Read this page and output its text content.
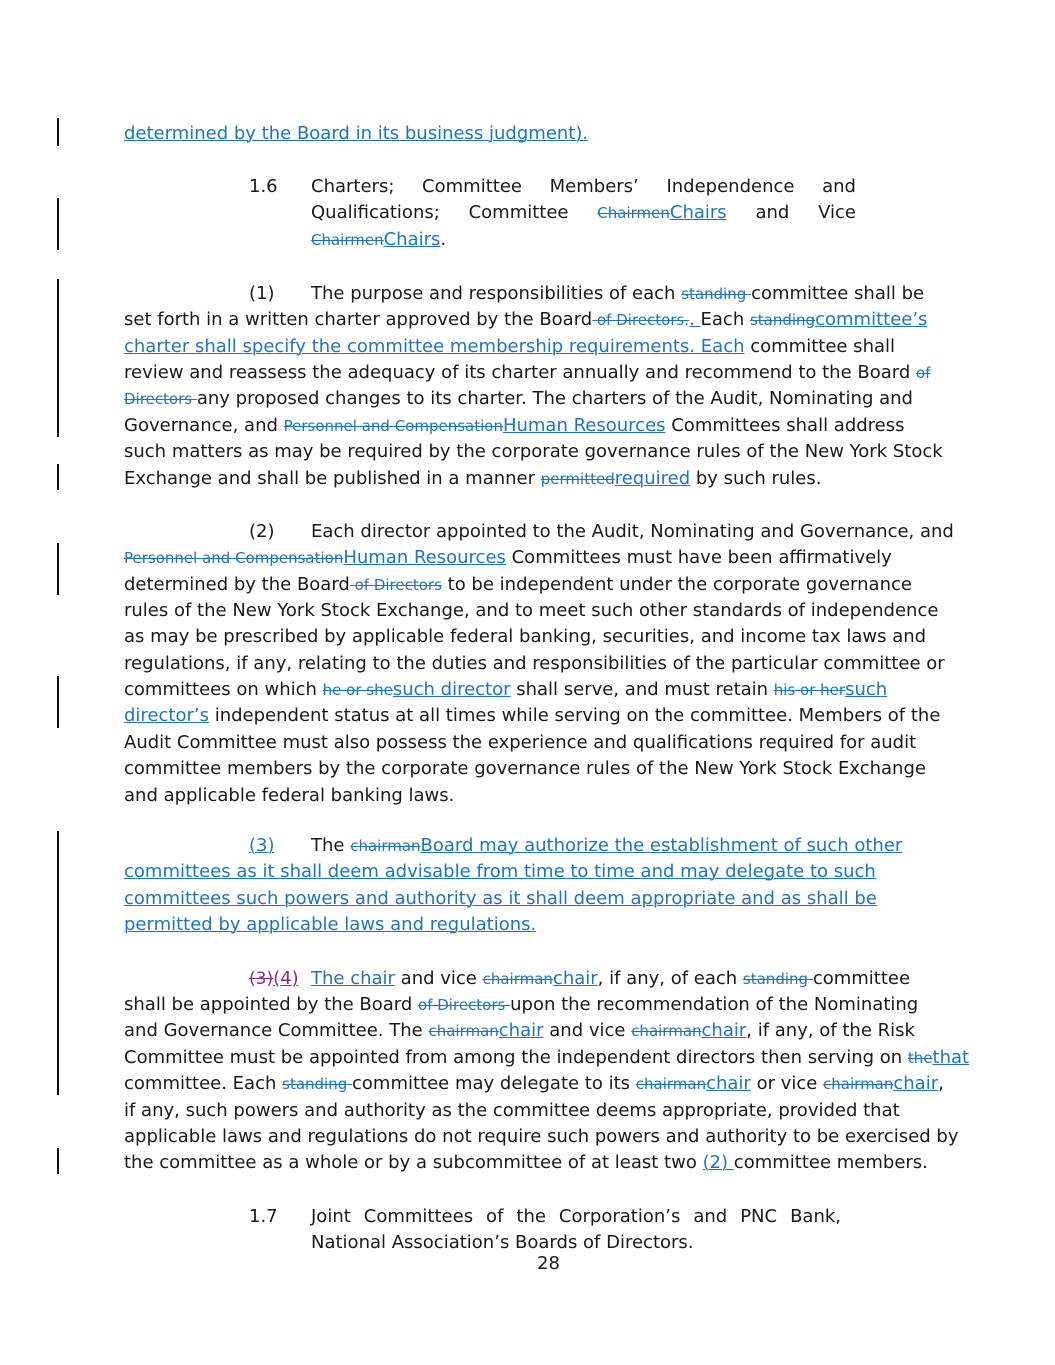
determined by the Board in its business judgment).
1.6 Charters; Committee Members’ Independence and
Qualifications; Committee ChairmenChairs and Vice
ChairmenChairs.
(1) The purpose and responsibilities of each standing committee shall be
set forth in a written charter approved by the Board of Directors.. Each standingcommittee’s
charter shall specify the committee membership requirements. Each committee shall
review and reassess the adequacy of its charter annually and recommend to the Board of
Directors any proposed changes to its charter. The charters of the Audit, Nominating and
Governance, and Personnel and CompensationHuman Resources Committees shall address
such matters as may be required by the corporate governance rules of the New York Stock
Exchange and shall be published in a manner permittedrequired by such rules.
(2) Each director appointed to the Audit, Nominating and Governance, and
Personnel and CompensationHuman Resources Committees must have been affirmatively
determined by the Board of Directors to be independent under the corporate governance
rules of the New York Stock Exchange, and to meet such other standards of independence
as may be prescribed by applicable federal banking, securities, and income tax laws and
regulations, if any, relating to the duties and responsibilities of the particular committee or
committees on which he or shesuch director shall serve, and must retain his or hersuch
director’s independent status at all times while serving on the committee. Members of the
Audit Committee must also possess the experience and qualifications required for audit
committee members by the corporate governance rules of the New York Stock Exchange
and applicable federal banking laws.
(3) The chairmanBoard may authorize the establishment of such other
committees as it shall deem advisable from time to time and may delegate to such
committees such powers and authority as it shall deem appropriate and as shall be
permitted by applicable laws and regulations.
(3)(4) The chair and vice chairmanchair, if any, of each standing committee
shall be appointed by the Board of Directors upon the recommendation of the Nominating
and Governance Committee. The chairmanchair and vice chairmanchair, if any, of the Risk
Committee must be appointed from among the independent directors then serving on thethat
committee. Each standing committee may delegate to its chairmanchair or vice chairmanchair,
if any, such powers and authority as the committee deems appropriate, provided that
applicable laws and regulations do not require such powers and authority to be exercised by
the committee as a whole or by a subcommittee of at least two (2) committee members.
1.7 Joint Committees of the Corporation’s and PNC Bank,
National Association’s Boards of Directors.
28
